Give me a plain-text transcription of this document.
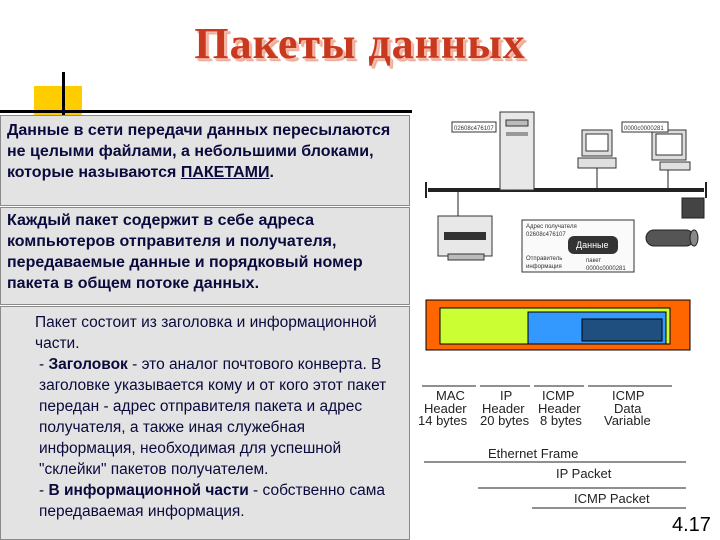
Пакеты данных
Данные в сети передачи данных пересылаются не целыми файлами, а небольшими блоками, которые называются ПАКЕТАМИ.
Каждый пакет содержит в себе адреса компьютеров отправителя и получателя, передаваемые данные и порядковый номер пакета в общем потоке данных.
Пакет состоит из заголовка и информационной части.
- Заголовок - это аналог почтового конверта. В заголовке указывается кому и от кого этот пакет передан - адрес отправителя пакета и адрес получателя, а также иная служебная информация, необходимая для успешной "склейки" пакетов получателем.
- В информационной части - собственно сама передаваемая информация.
02608c476107	0000c0000281
Данные
Адрес получателя
02608c476107
Отправитель
информация
пакет
0000c0000281
MAC
Header
14 bytes
IP
Header
20 bytes
ICMP
Header
8 bytes
ICMP
Data
Variable
Ethernet Frame
IP Packet
ICMP Packet
4.17
